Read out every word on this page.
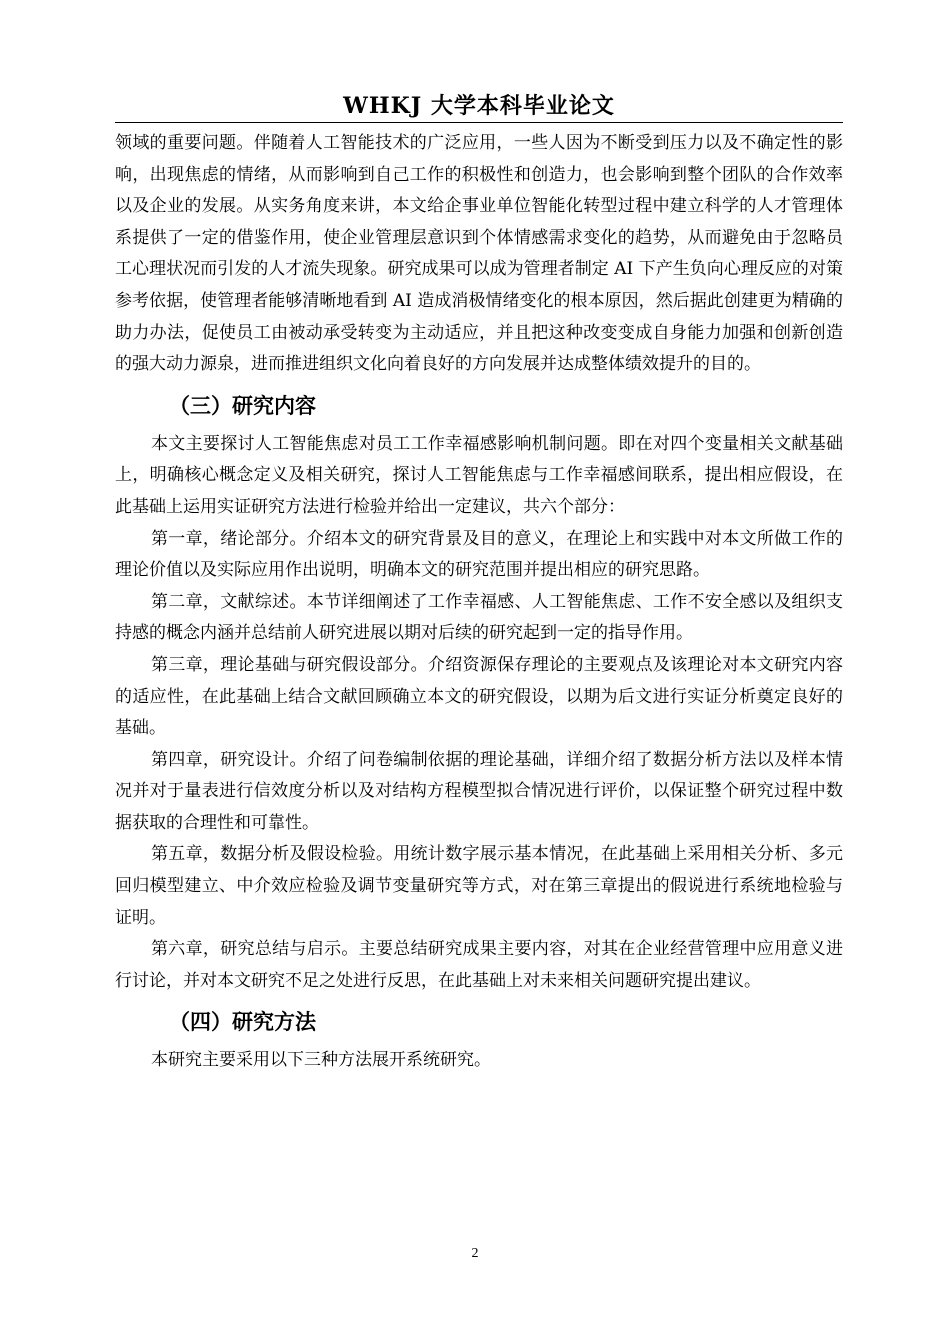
WHKJ 大学本科毕业论文

领域的重要问题。伴随着人工智能技术的广泛应用，一些人因为不断受到压力以及不确定性的影响，出现焦虑的情绪，从而影响到自己工作的积极性和创造力，也会影响到整个团队的合作效率以及企业的发展。从实务角度来讲，本文给企事业单位智能化转型过程中建立科学的人才管理体系提供了一定的借鉴作用，使企业管理层意识到个体情感需求变化的趋势，从而避免由于忽略员工心理状况而引发的人才流失现象。研究成果可以成为管理者制定 AI 下产生负向心理反应的对策参考依据，使管理者能够清晰地看到 AI 造成消极情绪变化的根本原因，然后据此创建更为精确的助力办法，促使员工由被动承受转变为主动适应，并且把这种改变变成自身能力加强和创新创造的强大动力源泉，进而推进组织文化向着良好的方向发展并达成整体绩效提升的目的。

（三）研究内容

本文主要探讨人工智能焦虑对员工工作幸福感影响机制问题。即在对四个变量相关文献基础上，明确核心概念定义及相关研究，探讨人工智能焦虑与工作幸福感间联系，提出相应假设，在此基础上运用实证研究方法进行检验并给出一定建议，共六个部分：

第一章，绪论部分。介绍本文的研究背景及目的意义，在理论上和实践中对本文所做工作的理论价值以及实际应用作出说明，明确本文的研究范围并提出相应的研究思路。

第二章，文献综述。本节详细阐述了工作幸福感、人工智能焦虑、工作不安全感以及组织支持感的概念内涵并总结前人研究进展以期对后续的研究起到一定的指导作用。

第三章，理论基础与研究假设部分。介绍资源保存理论的主要观点及该理论对本文研究内容的适应性，在此基础上结合文献回顾确立本文的研究假设，以期为后文进行实证分析奠定良好的基础。

第四章，研究设计。介绍了问卷编制依据的理论基础，详细介绍了数据分析方法以及样本情况并对于量表进行信效度分析以及对结构方程模型拟合情况进行评价，以保证整个研究过程中数据获取的合理性和可靠性。

第五章，数据分析及假设检验。用统计数字展示基本情况，在此基础上采用相关分析、多元回归模型建立、中介效应检验及调节变量研究等方式，对在第三章提出的假说进行系统地检验与证明。

第六章，研究总结与启示。主要总结研究成果主要内容，对其在企业经营管理中应用意义进行讨论，并对本文研究不足之处进行反思，在此基础上对未来相关问题研究提出建议。

（四）研究方法

本研究主要采用以下三种方法展开系统研究。

2
